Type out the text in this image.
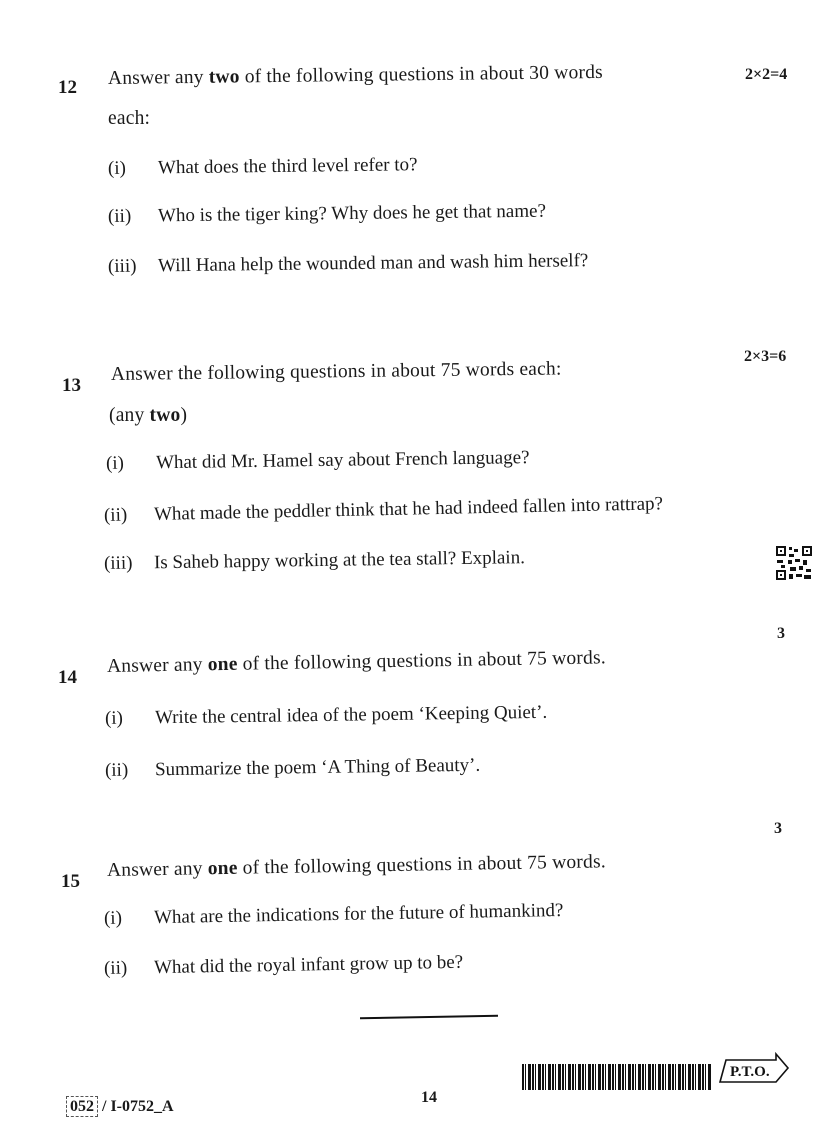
12 Answer any two of the following questions in about 30 words
each:
2×2=4
(i) What does the third level refer to?
(ii) Who is the tiger king? Why does he get that name?
(iii) Will Hana help the wounded man and wash him herself?
13
Answer the following questions in about 75 words each:
(any two)
2×3=6
(i) What did Mr. Hamel say about French language?
(ii) What made the peddler think that he had indeed fallen into rattrap?
(iii) Is Saheb happy working at the tea stall? Explain.
14
Answer any one of the following questions in about 75 words.
3
(i) Write the central idea of the poem ‘Keeping Quiet’.
(ii) Summarize the poem ‘A Thing of Beauty’.
15
Answer any one of the following questions in about 75 words.
3
(i) What are the indications for the future of humankind?
(ii) What did the royal infant grow up to be?
052 / I-0752_A
14
P.T.O.
